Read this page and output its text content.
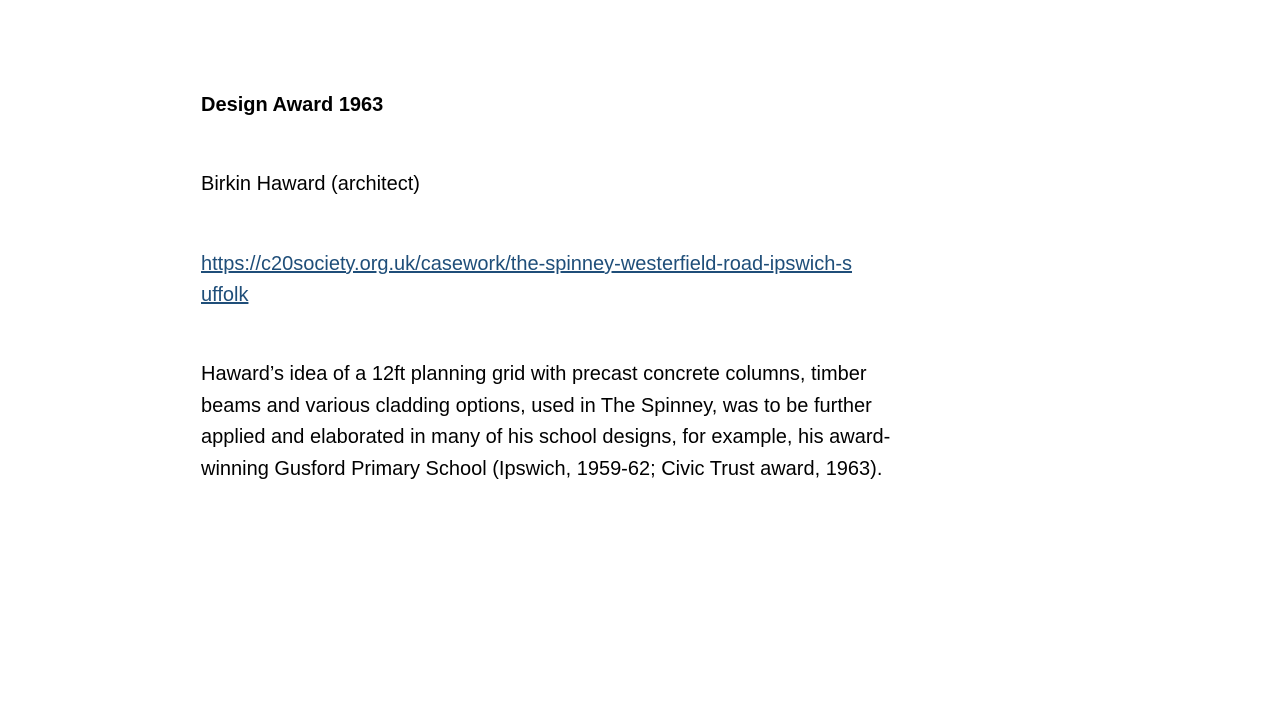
Design Award 1963

Birkin Haward (architect)

https://c20society.org.uk/casework/the-spinney-westerfield-road-ipswich-suffolk

Haward’s idea of a 12ft planning grid with precast concrete columns, timber beams and various cladding options, used in The Spinney, was to be further applied and elaborated in many of his school designs, for example, his award-winning Gusford Primary School (Ipswich, 1959-62; Civic Trust award, 1963).
